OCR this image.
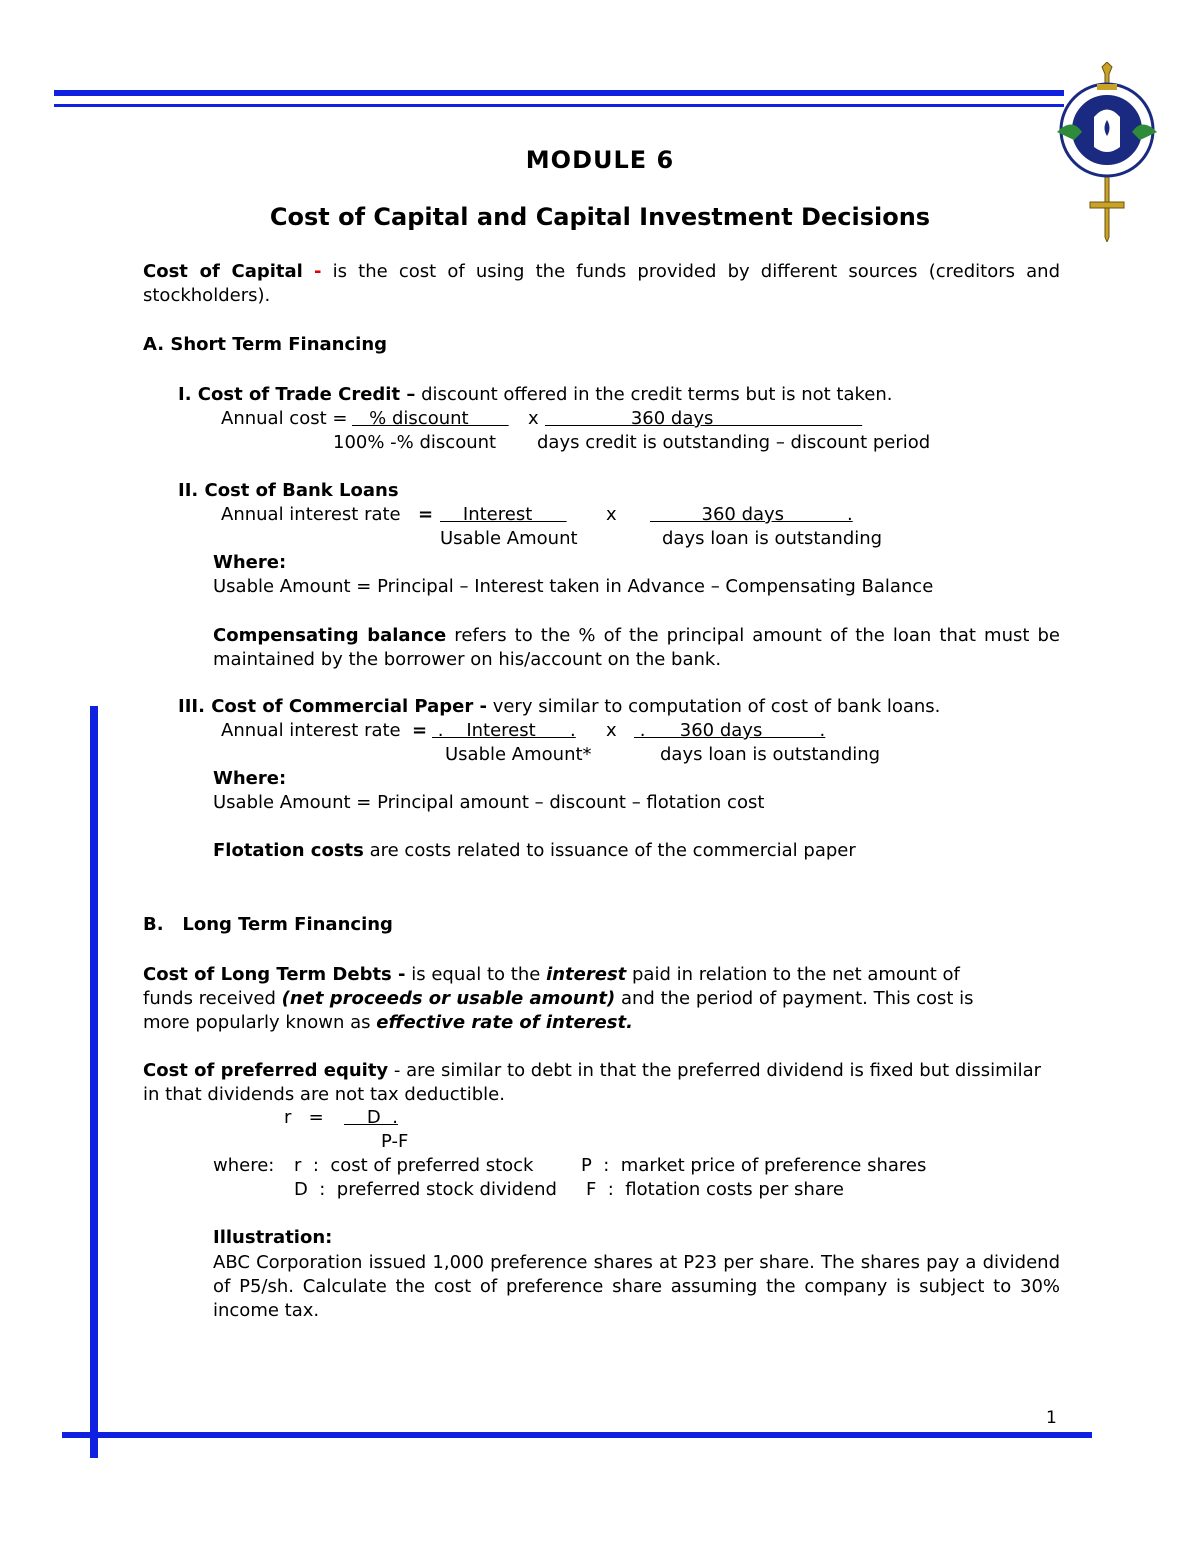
MODULE 6
Cost of Capital and Capital Investment Decisions
Cost of Capital - is the cost of using the funds provided by different sources (creditors and stockholders).
A. Short Term Financing
I. Cost of Trade Credit – discount offered in the credit terms but is not taken.
Annual cost = % discount x 360 days
100% -% discount days credit is outstanding – discount period
II. Cost of Bank Loans
Annual interest rate = Interest x 360 days           .
Usable Amount	days loan is outstanding
Where:
Usable Amount = Principal – Interest taken in Advance – Compensating Balance
Compensating balance refers to the % of the principal amount of the loan that must be maintained by the borrower on his/account on the bank.
III. Cost of Commercial Paper - very similar to computation of cost of bank loans.
Annual interest rate = .    Interest      . x .      360 days          .
Usable Amount*	days loan is outstanding
Where:
Usable Amount = Principal amount – discount – flotation cost
Flotation costs are costs related to issuance of the commercial paper
B.   Long Term Financing
Cost of Long Term Debts - is equal to the interest paid in relation to the net amount of funds received (net proceeds or usable amount) and the period of payment. This cost is more popularly known as effective rate of interest.
Cost of preferred equity - are similar to debt in that the preferred dividend is fixed but dissimilar in that dividends are not tax deductible.
r   = D  .
P-F
where: r  :  cost of preferred stock	P  :  market price of preference shares
D  :  preferred stock dividend F  :  flotation costs per share
Illustration:
ABC Corporation issued 1,000 preference shares at P23 per share. The shares pay a dividend of P5/sh. Calculate the cost of preference share assuming the company is subject to 30% income tax.
1
